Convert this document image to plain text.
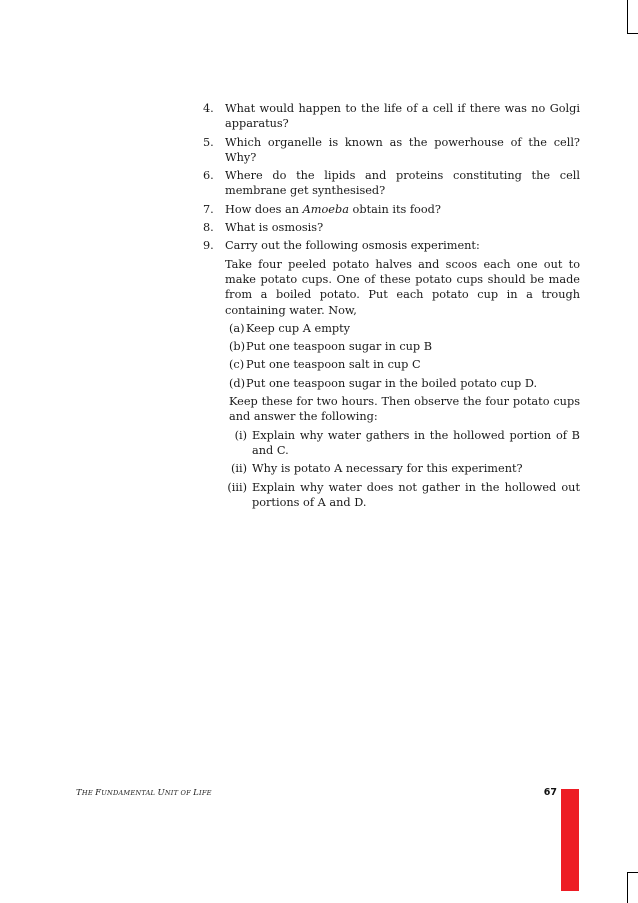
4. What would happen to the life of a cell if there was no Golgi apparatus?
5. Which organelle is known as the powerhouse of the cell? Why?
6. Where do the lipids and proteins constituting the cell membrane get synthesised?
7. How does an Amoeba obtain its food?
8. What is osmosis?
9. Carry out the following osmosis experiment:
Take four peeled potato halves and scoos each one out to make potato cups. One of these potato cups should be made from a boiled potato. Put each potato cup in a trough containing water. Now,
(a) Keep cup A empty
(b) Put one teaspoon sugar in cup B
(c) Put one teaspoon salt in cup C
(d) Put one teaspoon sugar in the boiled potato cup D.
Keep these for two hours. Then observe the four potato cups and answer the following:
(i) Explain why water gathers in the hollowed portion of B and C.
(ii) Why is potato A necessary for this experiment?
(iii) Explain why water does not gather in the hollowed out portions of A and D.
THE FUNDAMENTAL UNIT OF LIFE	67
